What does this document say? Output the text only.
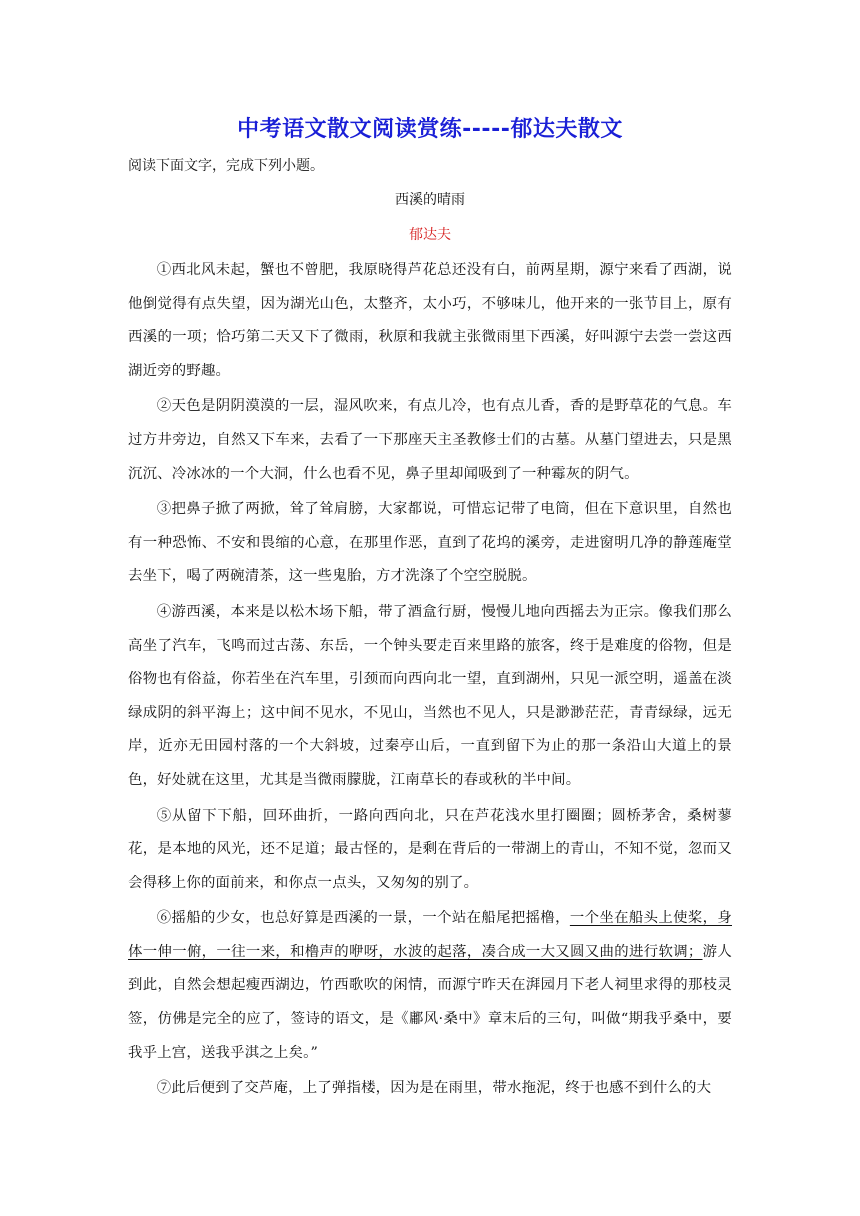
中考语文散文阅读赏练-----郁达夫散文
阅读下面文字，完成下列小题。
西溪的晴雨
郁达夫

①西北风未起，蟹也不曾肥，我原晓得芦花总还没有白，前两星期，源宁来看了西湖，说他倒觉得有点失望，因为湖光山色，太整齐，太小巧，不够味儿，他开来的一张节目上，原有西溪的一项；恰巧第二天又下了微雨，秋原和我就主张微雨里下西溪，好叫源宁去尝一尝这西湖近旁的野趣。

②天色是阴阴漠漠的一层，湿风吹来，有点儿冷，也有点儿香，香的是野草花的气息。车过方井旁边，自然又下车来，去看了一下那座天主圣教修士们的古墓。从墓门望进去，只是黑沉沉、冷冰冰的一个大洞，什么也看不见，鼻子里却闻吸到了一种霉灰的阴气。

③把鼻子掀了两掀，耸了耸肩膀，大家都说，可惜忘记带了电筒，但在下意识里，自然也有一种恐怖、不安和畏缩的心意，在那里作恶，直到了花坞的溪旁，走进窗明几净的静莲庵堂去坐下，喝了两碗清茶，这一些鬼胎，方才洗涤了个空空脱脱。

④游西溪，本来是以松木场下船，带了酒盒行厨，慢慢儿地向西摇去为正宗。像我们那么高坐了汽车，飞鸣而过古荡、东岳，一个钟头要走百来里路的旅客，终于是难度的俗物，但是俗物也有俗益，你若坐在汽车里，引颈而向西向北一望，直到湖州，只见一派空明，遥盖在淡绿成阴的斜平海上；这中间不见水，不见山，当然也不见人，只是渺渺茫茫，青青绿绿，远无岸，近亦无田园村落的一个大斜坡，过秦亭山后，一直到留下为止的那一条沿山大道上的景色，好处就在这里，尤其是当微雨朦胧，江南草长的春或秋的半中间。

⑤从留下下船，回环曲折，一路向西向北，只在芦花浅水里打圈圈；圆桥茅舍，桑树蓼花，是本地的风光，还不足道；最古怪的，是剩在背后的一带湖上的青山，不知不觉，忽而又会得移上你的面前来，和你点一点头，又匆匆的别了。

⑥摇船的少女，也总好算是西溪的一景，一个站在船尾把摇橹，一个坐在船头上使桨，身体一伸一俯，一往一来，和橹声的咿呀，水波的起落，凑合成一大又圆又曲的进行软调；游人到此，自然会想起瘦西湖边，竹西歌吹的闲情，而源宁昨天在湃园月下老人祠里求得的那枝灵签，仿佛是完全的应了，签诗的语文，是《鄘风·桑中》章末后的三句，叫做“期我乎桑中，要我乎上宫，送我乎淇之上矣。”

⑦此后便到了交芦庵，上了弹指楼，因为是在雨里，带水拖泥，终于也感不到什么的大
